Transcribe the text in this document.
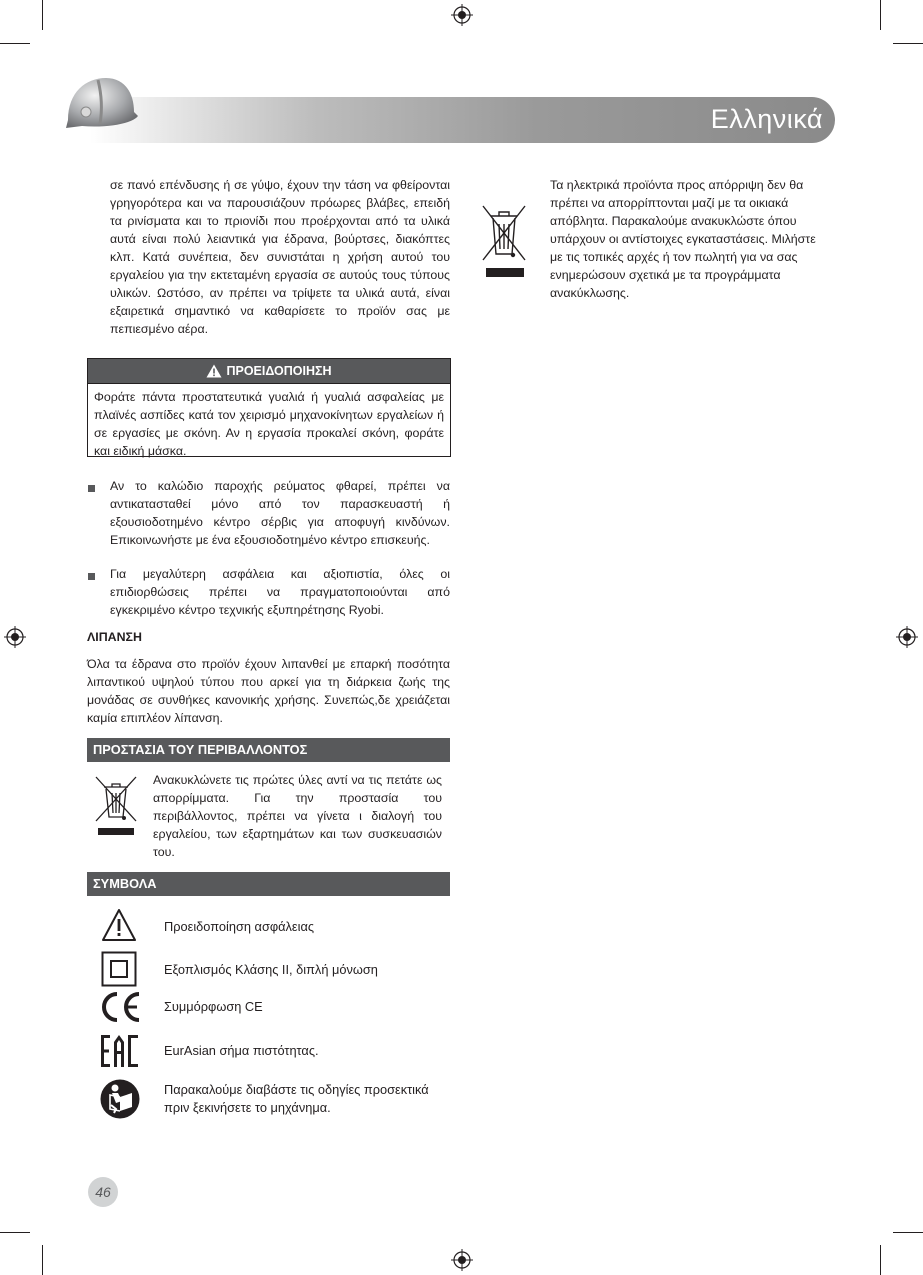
Ελληνικά
σε πανό επένδυσης ή σε γύψο, έχουν την τάση να φθείρονται γρηγορότερα και να παρουσιάζουν πρόωρες βλάβες, επειδή τα ρινίσματα και το πριονίδι που προέρχονται από τα υλικά αυτά είναι πολύ λειαντικά για έδρανα, βούρτσες, διακόπτες κλπ. Κατά συνέπεια, δεν συνιστάται η χρήση αυτού του εργαλείου για την εκτεταμένη εργασία σε αυτούς τους τύπους υλικών. Ωστόσο, αν πρέπει να τρίψετε τα υλικά αυτά, είναι εξαιρετικά σημαντικό να καθαρίσετε το προϊόν σας με πεπιεσμένο αέρα.
ΠΡΟΕΙΔΟΠΟΙΗΣΗ
Φοράτε πάντα προστατευτικά γυαλιά ή γυαλιά ασφαλείας με πλαϊνές ασπίδες κατά τον χειρισμό μηχανοκίνητων εργαλείων ή σε εργασίες με σκόνη. Αν η εργασία προκαλεί σκόνη, φοράτε και ειδική μάσκα.
Αν το καλώδιο παροχής ρεύματος φθαρεί, πρέπει να αντικατασταθεί μόνο από τον παρασκευαστή ή εξουσιοδοτημένο κέντρο σέρβις για αποφυγή κινδύνων. Επικοινωνήστε με ένα εξουσιοδοτημένο κέντρο επισκευής.
Για μεγαλύτερη ασφάλεια και αξιοπιστία, όλες οι επιδιορθώσεις πρέπει να πραγματοποιούνται από εγκεκριμένο κέντρο τεχνικής εξυπηρέτησης Ryobi.
ΛΙΠΑΝΣΗ
Όλα τα έδρανα στο προϊόν έχουν λιπανθεί με επαρκή ποσότητα λιπαντικού υψηλού τύπου που αρκεί για τη διάρκεια ζωής της μονάδας σε συνθήκες κανονικής χρήσης. Συνεπώς,δε χρειάζεται καμία επιπλέον λίπανση.
ΠΡΟΣΤΑΣΙΑ ΤΟΥ ΠΕΡΙΒΑΛΛΟΝΤΟΣ
Ανακυκλώνετε τις πρώτες ύλες αντί να τις πετάτε ως απορρίμματα. Για την προστασία του περιβάλλοντος, πρέπει να γίνετα ι διαλογή του εργαλείου, των εξαρτημάτων και των συσκευασιών του.
ΣΥΜΒΟΛΑ
Προειδοποίηση ασφάλειας
Εξοπλισμός Κλάσης II, διπλή μόνωση
Συμμόρφωση CE
EurAsian σήμα πιστότητας.
Παρακαλούμε διαβάστε τις οδηγίες προσεκτικά πριν ξεκινήσετε το μηχάνημα.
Τα ηλεκτρικά προϊόντα προς απόρριψη δεν θα πρέπει να απορρίπτονται μαζί με τα οικιακά απόβλητα. Παρακαλούμε ανακυκλώστε όπου υπάρχουν οι αντίστοιχες εγκαταστάσεις. Μιλήστε με τις τοπικές αρχές ή τον πωλητή για να σας ενημερώσουν σχετικά με τα προγράμματα ανακύκλωσης.
46
